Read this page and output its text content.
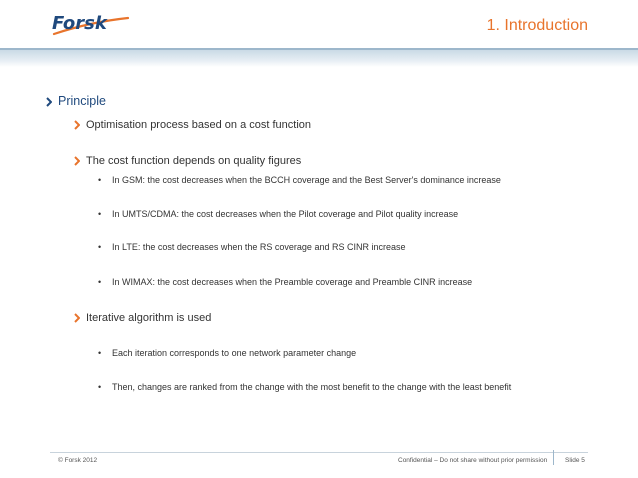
Forsk	1. Introduction
Principle
Optimisation process based on a cost function
The cost function depends on quality figures
• In GSM: the cost decreases when the BCCH coverage and the Best Server's dominance increase
• In UMTS/CDMA: the cost decreases when the Pilot coverage and Pilot quality increase
• In LTE: the cost decreases when the RS coverage and RS CINR increase
• In WIMAX: the cost decreases when the Preamble coverage and Preamble CINR increase
Iterative algorithm is used
• Each iteration corresponds to one network parameter change
• Then, changes are ranked from the change with the most benefit to the change with the least benefit
© Forsk 2012	Confidential – Do not share without prior permission	Slide 5
